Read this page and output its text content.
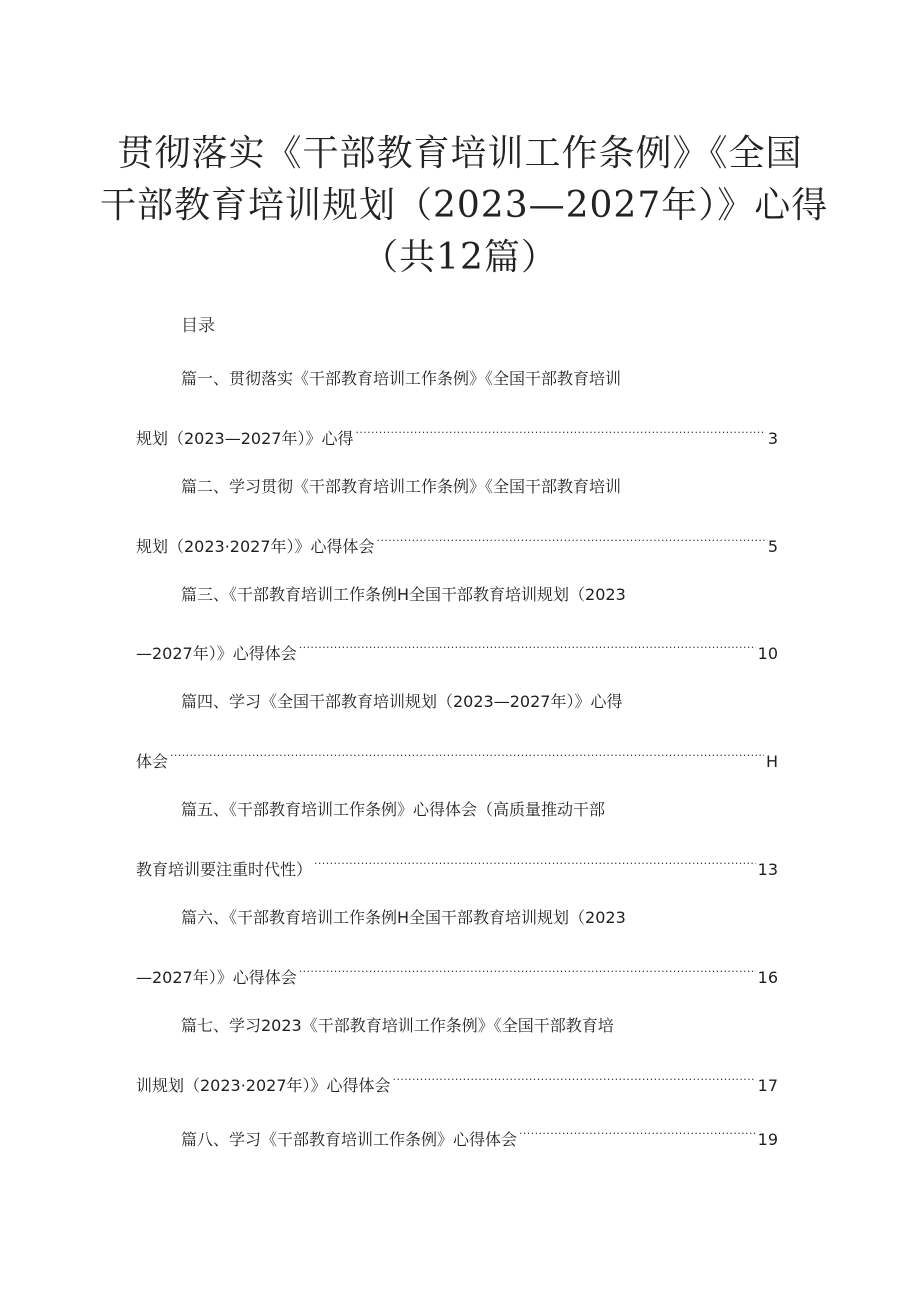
贯彻落实《干部教育培训工作条例》《全国
干部教育培训规划（2023—2027年）》心得
（共12篇）
目录
篇一、贯彻落实《干部教育培训工作条例》《全国干部教育培训
规划（2023—2027年）》心得 .....	3
篇二、学习贯彻《干部教育培训工作条例》《全国干部教育培训
规划（2023·2027年）》心得体会 .....	5
篇三、《干部教育培训工作条例H全国干部教育培训规划（2023
—2027年）》心得体会 .....	10
篇四、学习《全国干部教育培训规划（2023—2027年）》心得
体会 .....	H
篇五、《干部教育培训工作条例》心得体会（高质量推动干部
教育培训要注重时代性） .....	13
篇六、《干部教育培训工作条例H全国干部教育培训规划（2023
—2027年）》心得体会 .....	16
篇七、学习2023《干部教育培训工作条例》《全国干部教育培
训规划（2023·2027年）》心得体会 .....	17
篇八、学习《干部教育培训工作条例》心得体会 .....	19
